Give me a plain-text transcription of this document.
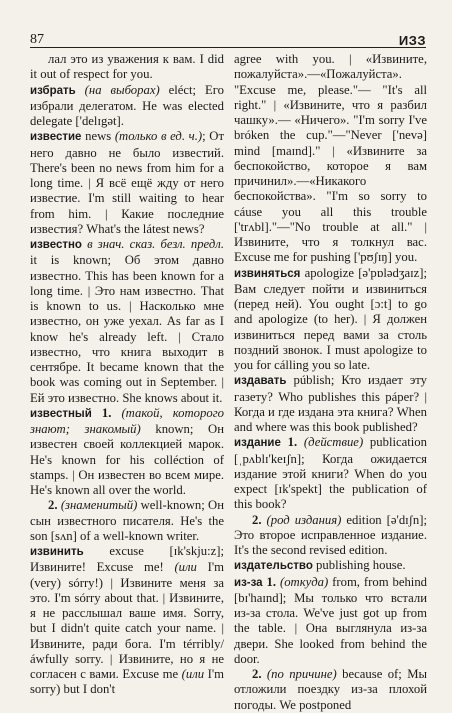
87	ИЗЗ

лал это из уважения к вам. I did it out of respect for you.

избрать (на выборах) eléct; Его избрали делегатом. He was elected delegate ['delɪgət].

известие news (только в ед. ч.); От него давно не было известий. There's been no news from him for a long time. | Я всё ещё жду от него известие. I'm still waiting to hear from him. | Какие последние известия? What's the látest news?

известно в знач. сказ. безл. предл. it is known; Об этом давно известно. This has been known for a long time. | Это нам известно. That is known to us. | Насколько мне известно, он уже уехал. As far as I know he's already left. | Стало известно, что книга выходит в сентябре. It became known that the book was coming out in September. | Ей это известно. She knows about it.

известный 1. (такой, которого знают; знакомый) known; Он известен своей коллекцией марок. He's known for his colléction of stamps. | Он известен во всем мире. He's known all over the world.

2. (знаменитый) well-known; Он сын известного писателя. He's the son [sʌn] of a well-known writer.

извинить excuse [ɪk'skju:z]; Извините! Excuse me! (или I'm (very) sórry!) | Извините меня за это. I'm sórry about that. | Извините, я не расслышал ваше имя. Sorry, but I didn't quite catch your name. | Извините, ради бога. I'm térribly/áwfully sorry. | Извините, но я не согласен с вами. Excuse me (или I'm sorry) but I don't

agree with you. | «Извините, пожалуйста».—«Пожалуйста». "Excuse me, please."— "It's all right." | «Извините, что я разбил чашку».— «Ничего». "I'm sorry I've bróken the cup."—"Never ['nevə] mind [maɪnd]." | «Извините за беспокойство, которое я вам причинил».—«Никакого беспокойства». "I'm so sorry to cáuse you all this trouble ['trʌbl]."—"No trouble at all." | Извините, что я толкнул вас. Excuse me for pushing ['pʊʃɪŋ] you.

извиняться apologize [ə'pɒlədʒaɪz]; Вам следует пойти и извиниться (перед ней). You ought [ɔ:t] to go and apologize (to her). | Я должен извиниться перед вами за столь поздний звонок. I must apologize to you for cálling you so late.

издавать públish; Кто издает эту газету? Who publishes this páper? | Когда и где издана эта книга? When and where was this book published?

издание 1. (действие) publication [ˌpʌblɪ'keɪʃn]; Когда ожидается издание этой книги? When do you expect [ɪk'spekt] the publication of this book?

2. (род издания) edition [ə'dɪʃn]; Это второе исправленное издание. It's the second revised edition.

издательство publishing house.

из-за 1. (откуда) from, from behind [bɪ'haɪnd]; Мы только что встали из-за стола. We've just got up from the table. | Она выглянула из-за двери. She looked from behind the door.

2. (по причине) because of; Мы отложили поездку из-за плохой погоды. We postponed
